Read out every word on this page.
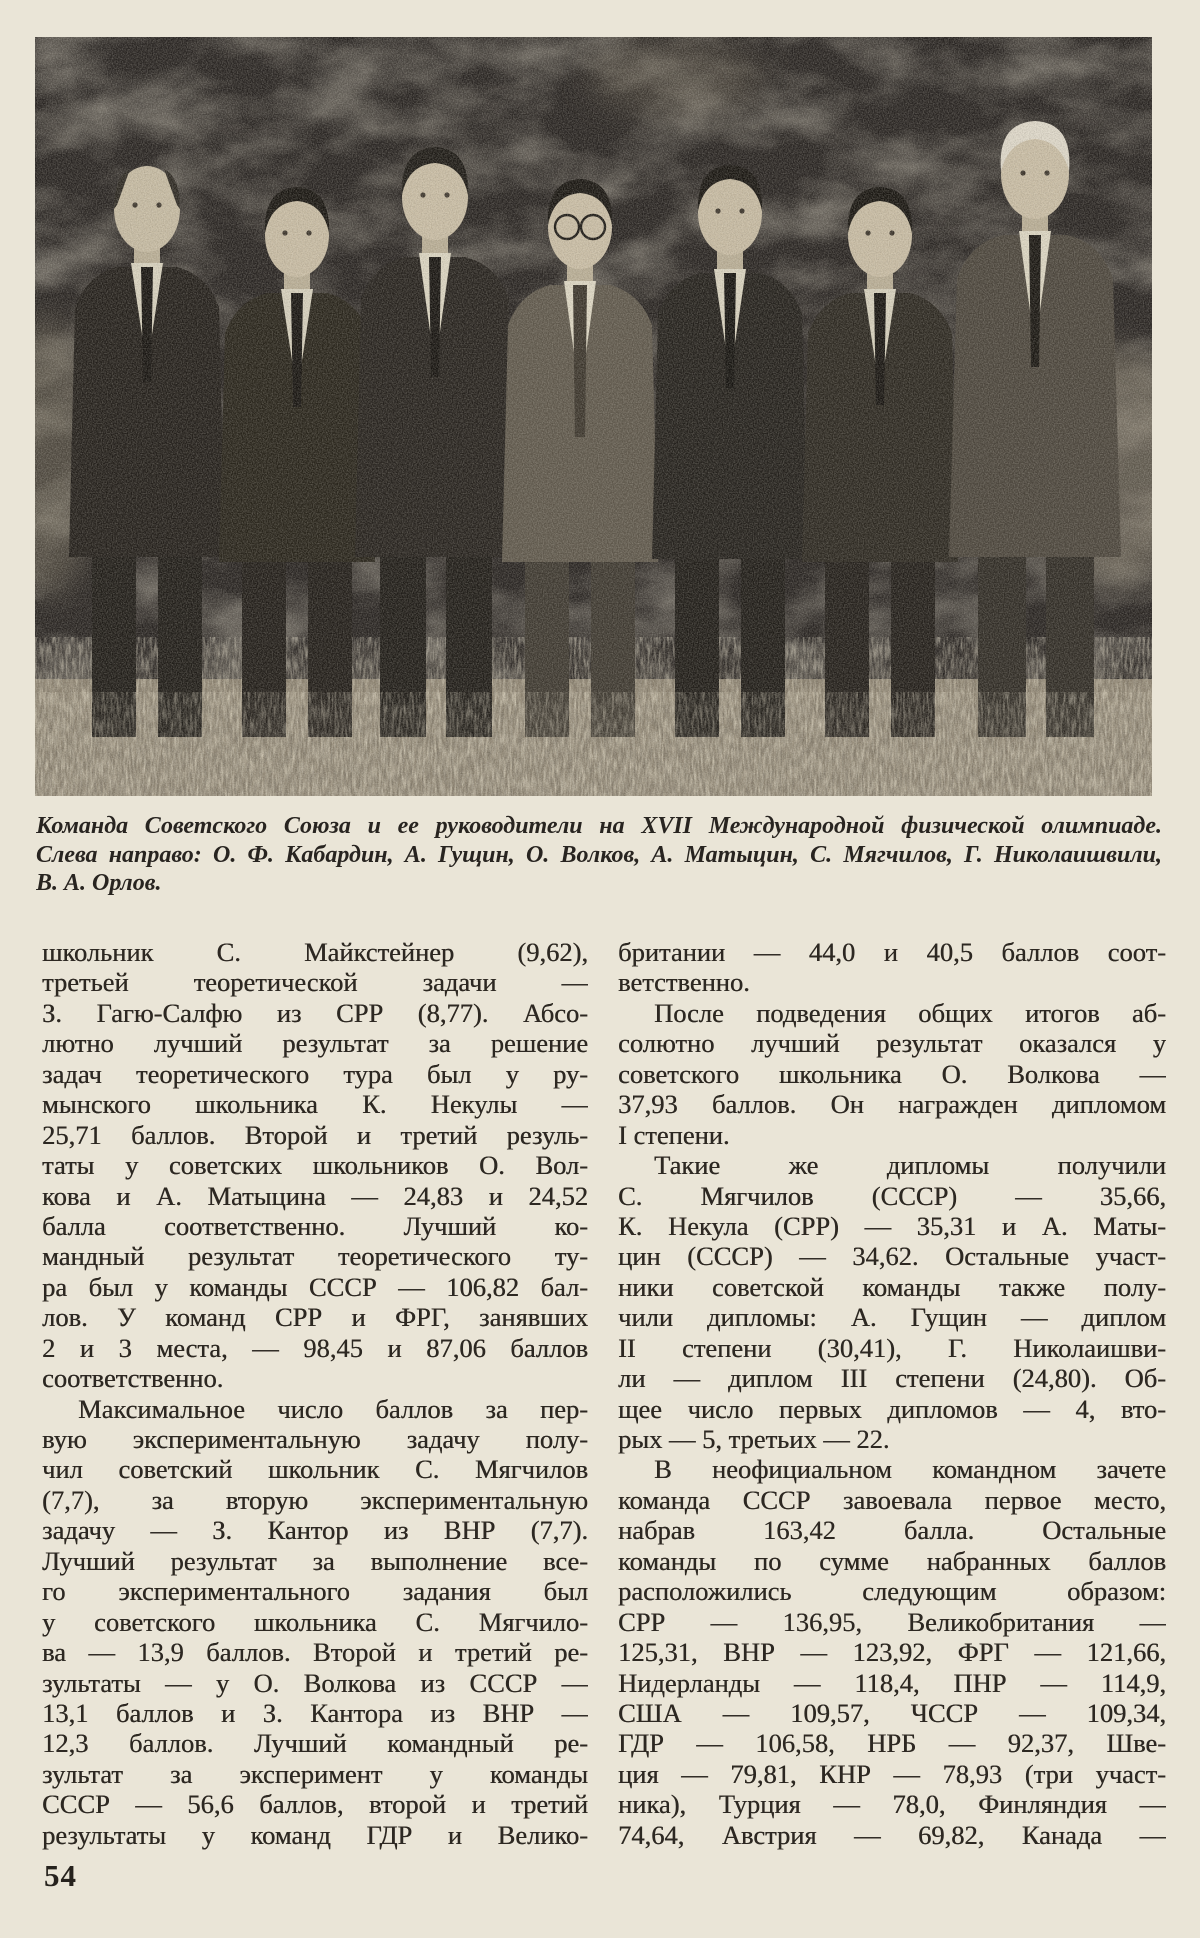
Команда Советского Союза и ее руководители на XVII Международной физической олимпиаде.
Слева направо: О. Ф. Кабардин, А. Гущин, О. Волков, А. Матыцин, С. Мягчилов, Г. Николаишвили,
В. А. Орлов.
школьник С. Майкстейнер (9,62),
третьей теоретической задачи —
З. Гагю-Салфю из СРР (8,77). Абсо-
лютно лучший результат за решение
задач теоретического тура был у ру-
мынского школьника К. Некулы —
25,71 баллов. Второй и третий резуль-
таты у советских школьников О. Вол-
кова и А. Матыцина — 24,83 и 24,52
балла соответственно. Лучший ко-
мандный результат теоретического ту-
ра был у команды СССР — 106,82 бал-
лов. У команд СРР и ФРГ, занявших
2 и 3 места, — 98,45 и 87,06 баллов
соответственно.
Максимальное число баллов за пер-
вую экспериментальную задачу полу-
чил советский школьник С. Мягчилов
(7,7), за вторую экспериментальную
задачу — З. Кантор из ВНР (7,7).
Лучший результат за выполнение все-
го экспериментального задания был
у советского школьника С. Мягчило-
ва — 13,9 баллов. Второй и третий ре-
зультаты — у О. Волкова из СССР —
13,1 баллов и З. Кантора из ВНР —
12,3 баллов. Лучший командный ре-
зультат за эксперимент у команды
СССР — 56,6 баллов, второй и третий
результаты у команд ГДР и Велико-
британии — 44,0 и 40,5 баллов соот-
ветственно.
После подведения общих итогов аб-
солютно лучший результат оказался у
советского школьника О. Волкова —
37,93 баллов. Он награжден дипломом
I степени.
Такие же дипломы получили
С. Мягчилов (СССР) — 35,66,
К. Некула (СРР) — 35,31 и А. Маты-
цин (СССР) — 34,62. Остальные участ-
ники советской команды также полу-
чили дипломы: А. Гущин — диплом
II степени (30,41), Г. Николаишви-
ли — диплом III степени (24,80). Об-
щее число первых дипломов — 4, вто-
рых — 5, третьих — 22.
В неофициальном командном зачете
команда СССР завоевала первое место,
набрав 163,42 балла. Остальные
команды по сумме набранных баллов
расположились следующим образом:
СРР — 136,95, Великобритания —
125,31, ВНР — 123,92, ФРГ — 121,66,
Нидерланды — 118,4, ПНР — 114,9,
США — 109,57, ЧССР — 109,34,
ГДР — 106,58, НРБ — 92,37, Шве-
ция — 79,81, КНР — 78,93 (три участ-
ника), Турция — 78,0, Финляндия —
74,64, Австрия — 69,82, Канада —
54
